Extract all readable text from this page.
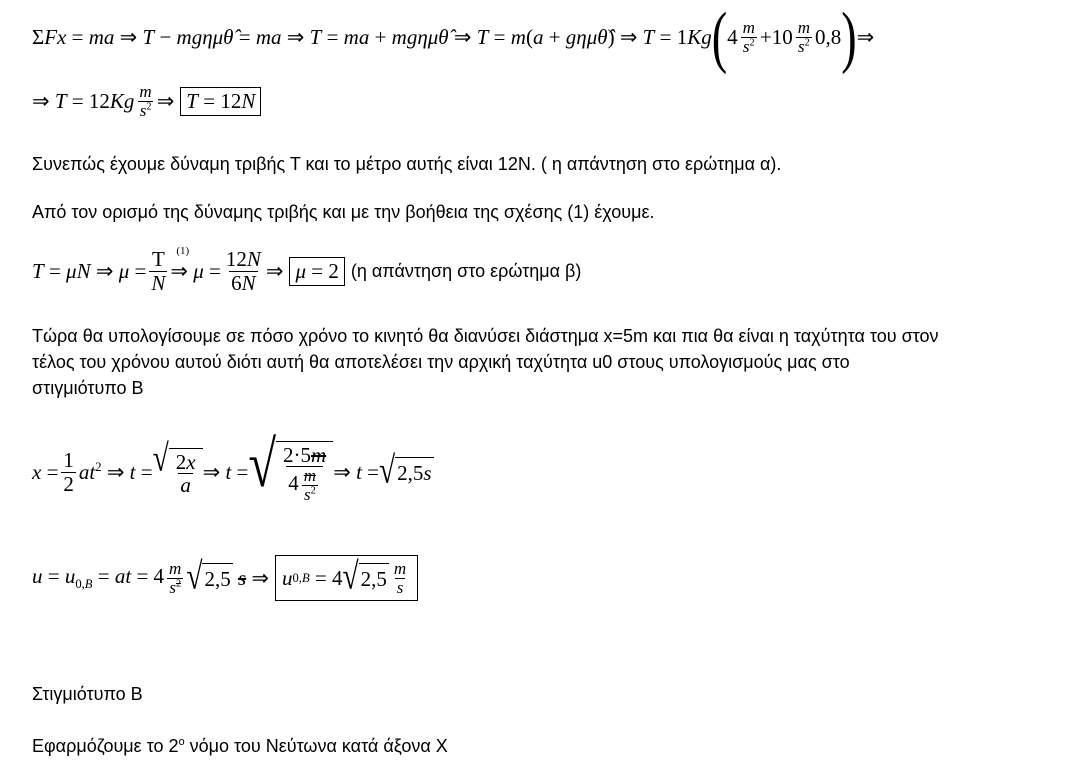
ΣFx = ma ⇒ T − mgημθ̂ = ma ⇒ T = ma + mgημθ̂ ⇒ T = m(a + gημθ̂) ⇒ T = 1Kg ( $4 \frac{m}{s^2} +10 \frac{m}{s^2} 0,8$ ) ⇒
⇒ $T = 12Kg \frac{m}{s^2}$ ⇒ T = 12 N
Συνεπώς έχουμε δύναμη τριβής Τ και το μέτρο αυτής είναι 12Ν. ( η απάντηση στο ερώτημα α).
Από τον ορισμό της δύναμης τριβής και με την βοήθεια της σχέσης (1) έχουμε.
T = μN ⇒ $\mu = \frac{T}{N}$ ⇒
(1)
$\mu = \frac{12N}{6N}$ ⇒ μ = 2 (η απάντηση στο ερώτημα β)
Τώρα θα υπολογίσουμε σε πόσο χρόνο το κινητό θα διανύσει διάστημα x=5m και πια θα είναι η ταχύτητα του στον
τέλος του χρόνου αυτού διότι αυτή θα αποτελέσει την αρχική ταχύτητα u0 στους υπολογισμούς μας στο
στιγμιότυπο Β
$x = \frac{1}{2} at^2$ ⇒ t = √ $\frac{2x}{a}$ ⇒ t = √ $\frac{2\cdot 5m}{4 \frac{m}{s^2}}$ ⇒ t = √ 2,5 s
$u = u_{0,B}$ = at = $4 \frac{m}{s^2}$ √ 2,5 s ⇒ u 0,B = 4 √ $2,5 \frac{m}{s}$
Στιγμιότυπο Β
Εφαρμόζουμε το $2^o$ νόμο του Νεύτωνα κατά άξονα Χ
